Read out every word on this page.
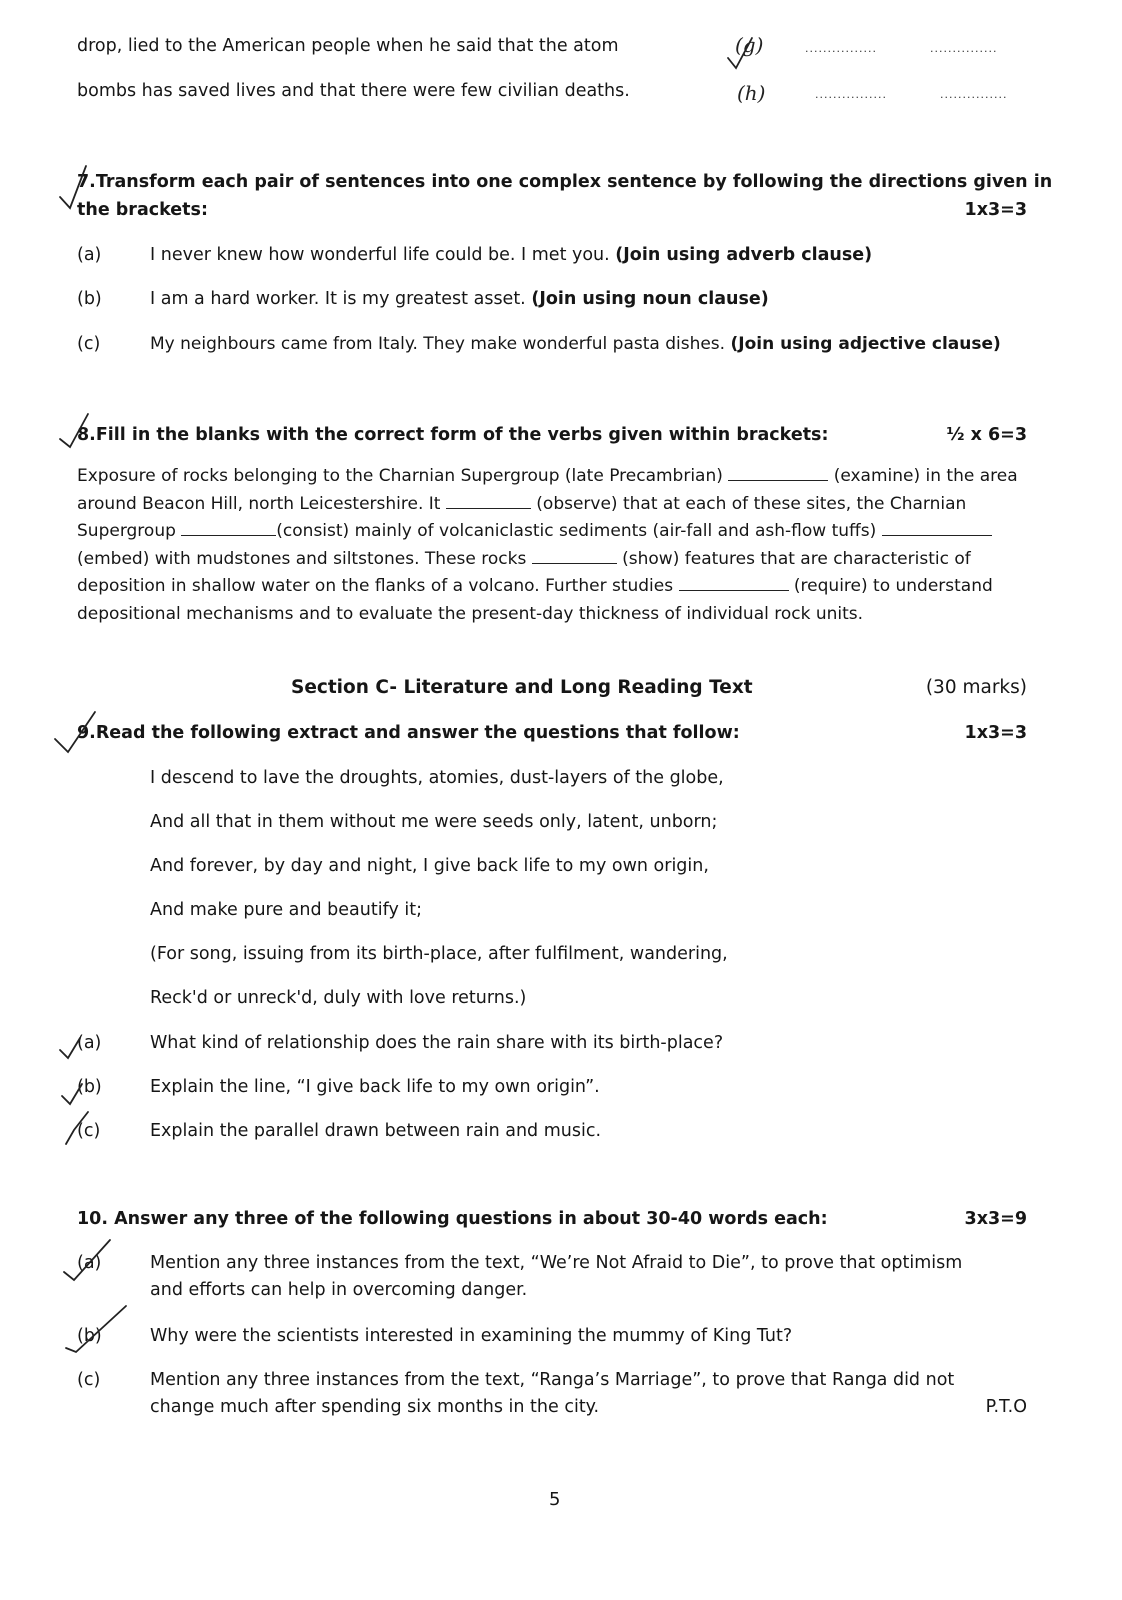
drop, lied to the American people when he said that the atom
bombs has saved lives and that there were few civilian deaths.
(g)	................	...............
(h)	................	...............
7.Transform each pair of sentences into one complex sentence by following the directions given in
the brackets:	1x3=3
(a)	I never knew how wonderful life could be. I met you. (Join using adverb clause)
(b)	I am a hard worker. It is my greatest asset. (Join using noun clause)
(c)	My neighbours came from Italy. They make wonderful pasta dishes. (Join using adjective clause)
8.Fill in the blanks with the correct form of the verbs given within brackets:	½ x 6=3
Exposure of rocks belonging to the Charnian Supergroup (late Precambrian)	(examine) in the area around Beacon Hill, north Leicestershire. It	(observe) that at each of these sites, the Charnian Supergroup	(consist) mainly of volcaniclastic sediments (air-fall and ash-flow tuffs)  (embed) with mudstones and siltstones. These rocks	(show) features that are characteristic of deposition in shallow water on the flanks of a volcano. Further studies	(require) to understand depositional mechanisms and to evaluate the present-day thickness of individual rock units.
Section C- Literature and Long Reading Text	(30 marks)
9.Read the following extract and answer the questions that follow:	1x3=3
I descend to lave the droughts, atomies, dust-layers of the globe,
And all that in them without me were seeds only, latent, unborn;
And forever, by day and night, I give back life to my own origin,
And make pure and beautify it;
(For song, issuing from its birth-place, after fulfilment, wandering,
Reck'd or unreck'd, duly with love returns.)
(a)	What kind of relationship does the rain share with its birth-place?
(b)	Explain the line, “I give back life to my own origin”.
(c)	Explain the parallel drawn between rain and music.
10. Answer any three of the following questions in about 30-40 words each:	3x3=9
(a)	Mention any three instances from the text, “We’re Not Afraid to Die”, to prove that optimism
and efforts can help in overcoming danger.
(b)	Why were the scientists interested in examining the mummy of King Tut?
(c)	Mention any three instances from the text, “Ranga’s Marriage”, to prove that Ranga did not
change much after spending six months in the city.	P.T.O
5
